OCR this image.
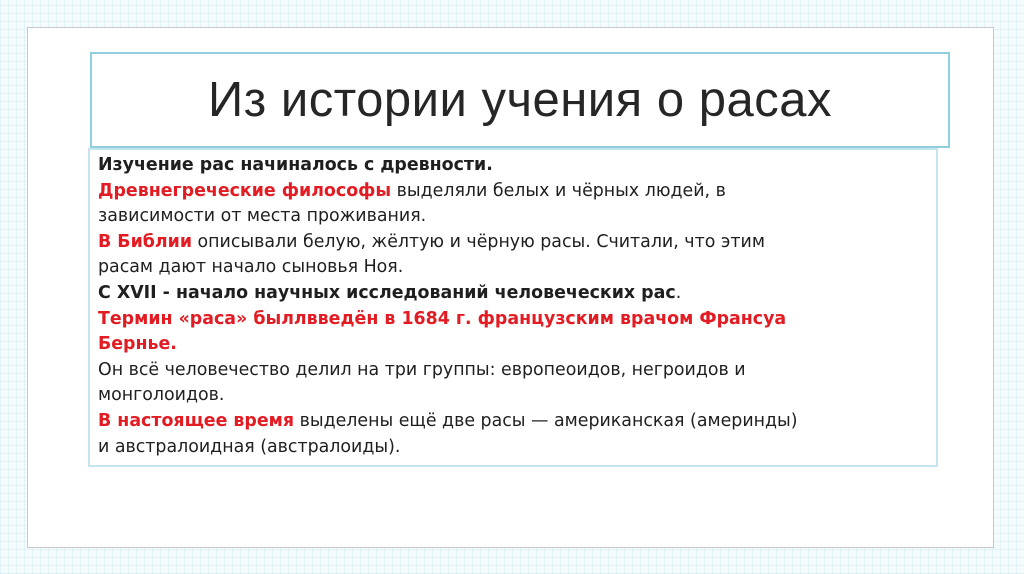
Из истории учения о расах
Изучение рас начиналось с древности.
Древнегреческие философы выделяли белых и чёрных людей, в
зависимости от места проживания.
В Библии описывали белую, жёлтую и чёрную расы. Считали, что этим
расам дают начало сыновья Ноя.
С XVII - начало научных исследований человеческих рас.
Термин «раса» быллвведён в 1684 г. французским врачом Франсуа
Бернье.
Он всё человечество делил на три группы: европеоидов, негроидов и
монголоидов.
В настоящее время выделены ещё две расы — американская (америнды)
и австралоидная (австралоиды).
